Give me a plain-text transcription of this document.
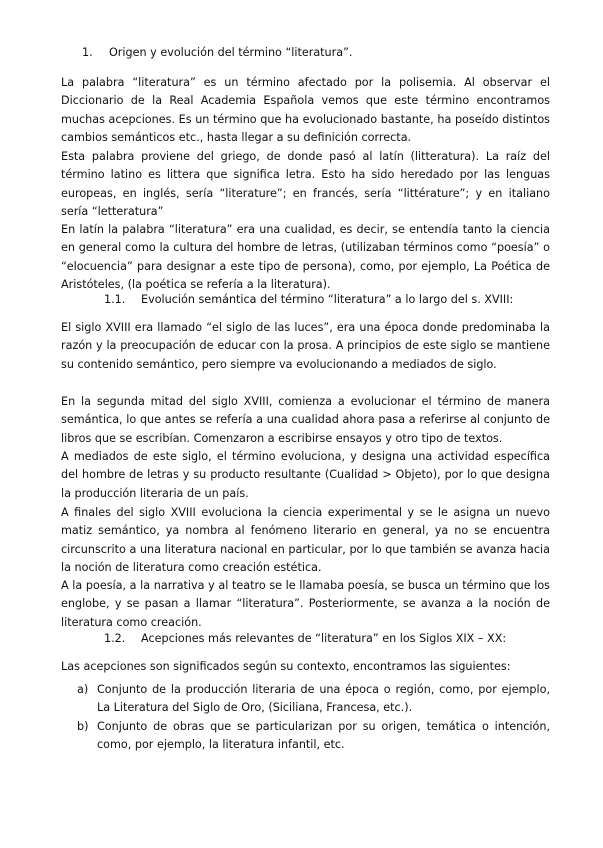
1. Origen y evolución del término “literatura”.

La palabra “literatura” es un término afectado por la polisemia. Al observar el Diccionario de la Real Academia Española vemos que este término encontramos muchas acepciones. Es un término que ha evolucionado bastante, ha poseído distintos cambios semánticos etc., hasta llegar a su definición correcta.

Esta palabra proviene del griego, de donde pasó al latín (litteratura). La raíz del término latino es littera que significa letra. Esto ha sido heredado por las lenguas europeas, en inglés, sería “literature”; en francés, sería “littérature”; y en italiano sería “letteratura”

En latín la palabra “literatura” era una cualidad, es decir, se entendía tanto la ciencia en general como la cultura del hombre de letras, (utilizaban términos como “poesía” o “elocuencia” para designar a este tipo de persona), como, por ejemplo, La Poética de Aristóteles, (la poética se refería a la literatura).

1.1. Evolución semántica del término “literatura” a lo largo del s. XVIII:

El siglo XVIII era llamado “el siglo de las luces”, era una época donde predominaba la razón y la preocupación de educar con la prosa. A principios de este siglo se mantiene su contenido semántico, pero siempre va evolucionando a mediados de siglo.

En la segunda mitad del siglo XVIII, comienza a evolucionar el término de manera semántica, lo que antes se refería a una cualidad ahora pasa a referirse al conjunto de libros que se escribían. Comenzaron a escribirse ensayos y otro tipo de textos.

A mediados de este siglo, el término evoluciona, y designa una actividad específica del hombre de letras y su producto resultante (Cualidad > Objeto), por lo que designa la producción literaria de un país.

A finales del siglo XVIII evoluciona la ciencia experimental y se le asigna un nuevo matiz semántico, ya nombra al fenómeno literario en general, ya no se encuentra circunscrito a una literatura nacional en particular, por lo que también se avanza hacia la noción de literatura como creación estética.

A la poesía, a la narrativa y al teatro se le llamaba poesía, se busca un término que los englobe, y se pasan a llamar “literatura”. Posteriormente, se avanza a la noción de literatura como creación.

1.2. Acepciones más relevantes de “literatura” en los Siglos XIX – XX:

Las acepciones son significados según su contexto, encontramos las siguientes:

a) Conjunto de la producción literaria de una época o región, como, por ejemplo, La Literatura del Siglo de Oro, (Siciliana, Francesa, etc.).
b) Conjunto de obras que se particularizan por su origen, temática o intención, como, por ejemplo, la literatura infantil, etc.
